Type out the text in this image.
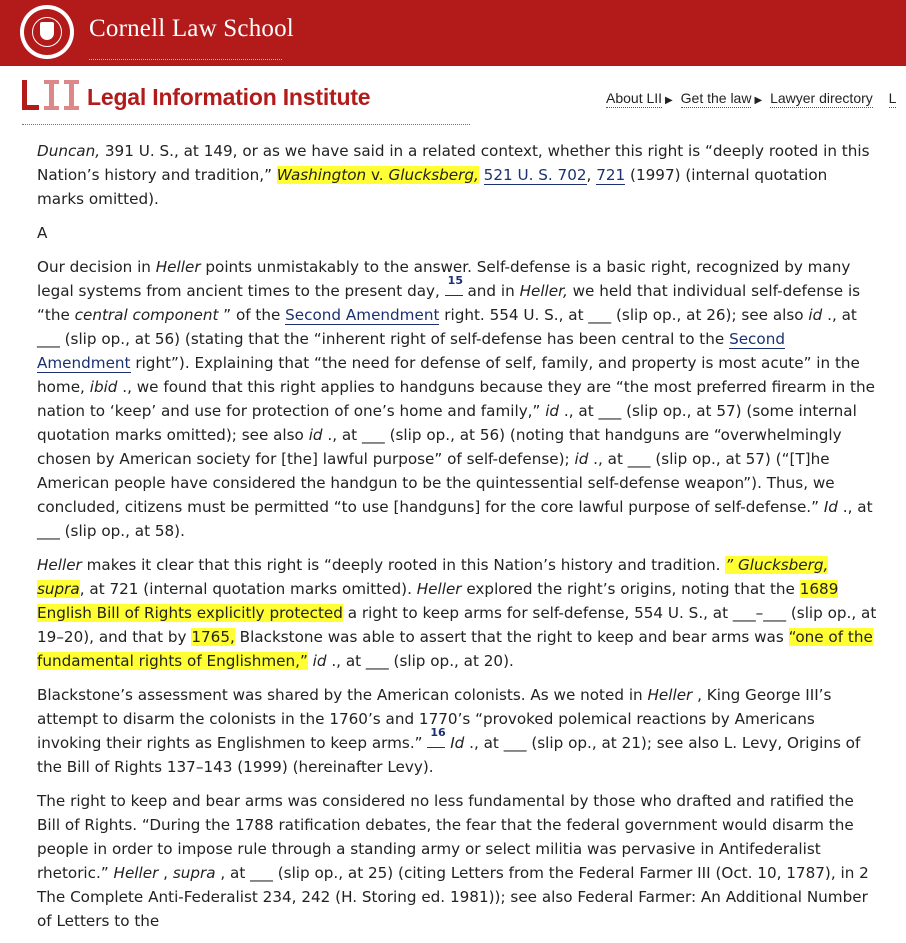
Cornell Law School
Legal Information Institute	About LII ▶ Get the law ▶ Lawyer directory L

Duncan, 391 U. S., at 149, or as we have said in a related context, whether this right is “deeply rooted in this Nation’s history and tradition,” Washington v. Glucksberg, 521 U. S. 702, 721 (1997) (internal quotation marks omitted).

A

Our decision in Heller points unmistakably to the answer. Self-defense is a basic right, recognized by many legal systems from ancient times to the present day,
15
and in Heller, we held that individual self-defense is “the central component ” of the Second Amendment right. 554 U. S., at ___ (slip op., at 26); see also id ., at ___ (slip op., at 56) (stating that the “inherent right of self-defense has been central to the Second Amendment right”). Explaining that “the need for defense of self, family, and property is most acute” in the home, ibid ., we found that this right applies to handguns because they are “the most preferred firearm in the nation to ‘keep’ and use for protection of one’s home and family,” id ., at ___ (slip op., at 57) (some internal quotation marks omitted); see also id ., at ___ (slip op., at 56) (noting that handguns are “overwhelmingly chosen by American society for [the] lawful purpose” of self-defense); id ., at ___ (slip op., at 57) (“[T]he American people have considered the handgun to be the quintessential self-defense weapon”). Thus, we concluded, citizens must be permitted “to use [handguns] for the core lawful purpose of self-defense.” Id ., at ___ (slip op., at 58).

Heller makes it clear that this right is “deeply rooted in this Nation’s history and tradition. ” Glucksberg, supra, at 721 (internal quotation marks omitted). Heller explored the right’s origins, noting that the 1689 English Bill of Rights explicitly protected a right to keep arms for self-defense, 554 U. S., at ___–___ (slip op., at 19–20), and that by 1765, Blackstone was able to assert that the right to keep and bear arms was “one of the fundamental rights of Englishmen,” id ., at ___ (slip op., at 20).

Blackstone’s assessment was shared by the American colonists. As we noted in Heller , King George III’s attempt to disarm the colonists in the 1760’s and 1770’s “provoked polemical reactions by Americans invoking their rights as Englishmen to keep arms.”
16
Id ., at ___ (slip op., at 21); see also L. Levy, Origins of the Bill of Rights 137–143 (1999) (hereinafter Levy).

The right to keep and bear arms was considered no less fundamental by those who drafted and ratified the Bill of Rights. “During the 1788 ratification debates, the fear that the federal government would disarm the people in order to impose rule through a standing army or select militia was pervasive in Antifederalist rhetoric.” Heller , supra , at ___ (slip op., at 25) (citing Letters from the Federal Farmer III (Oct. 10, 1787), in 2 The Complete Anti-Federalist 234, 242 (H. Storing ed. 1981)); see also Federal Farmer: An Additional Number of Letters to the
